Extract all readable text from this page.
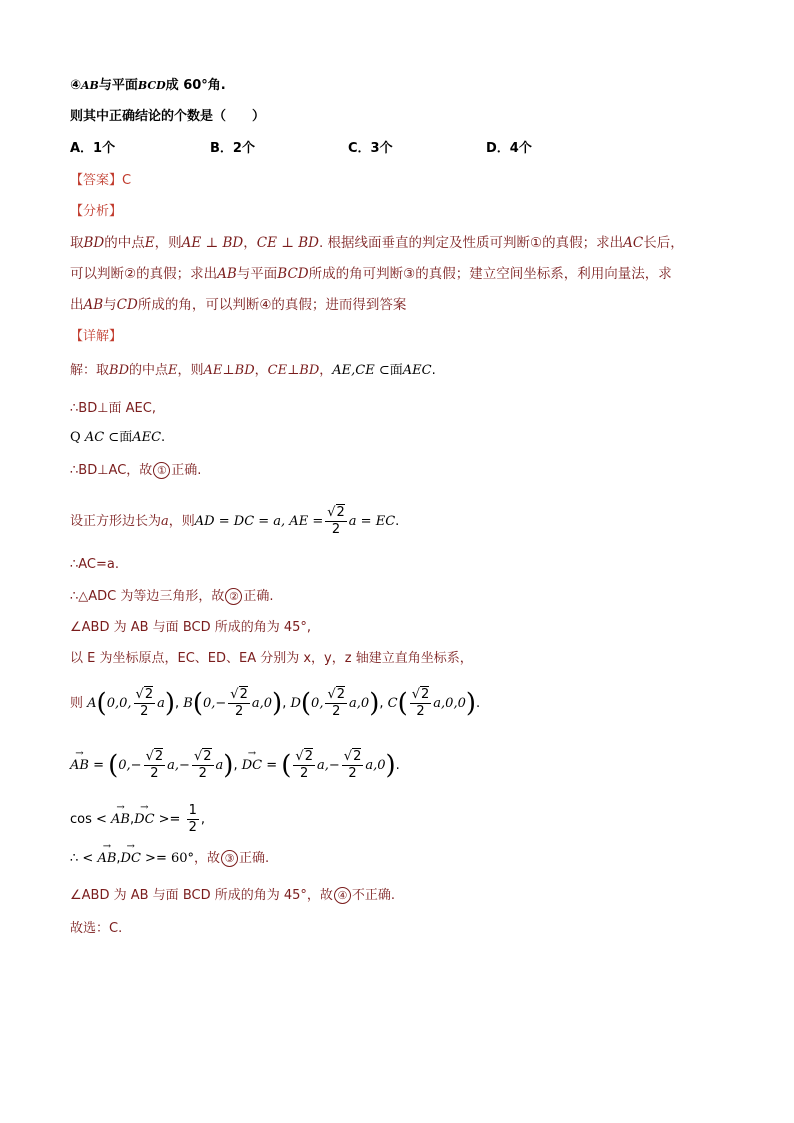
④AB与平面BCD成 60°角.
则其中正确结论的个数是（　　）
A．1个	B．2个	C．3个	D．4个
【答案】C
【分析】
取BD的中点E，则AE ⊥ BD，CE ⊥ BD. 根据线面垂直的判定及性质可判断①的真假；求出AC长后，
可以判断②的真假；求出AB与平面BCD所成的角可判断③的真假；建立空间坐标系，利用向量法，求
出AB与CD所成的角，可以判断④的真假；进而得到答案
【详解】
解：取BD的中点E，则AE⊥BD，CE⊥BD，AE,CE ⊂面AEC.
∴BD⊥面 AEC,
Q AC ⊂面AEC.
∴BD⊥AC，故 ① 正确.
设正方形边长为a，则AD = DC = a, AE = $\frac{√2}{2}$ a = EC.
∴AC=a.
∴△ADC 为等边三角形，故 ② 正确.
∠ABD 为 AB 与面 BCD 所成的角为 45°,
以 E 为坐标原点，EC、ED、EA 分别为 x，y，z 轴建立直角坐标系，
则 A(0,0, $\frac{√2}{2} a$), $B(0,- \frac{√2}{2} a,0)$, D(0, $\frac{√2}{2} a,0$), $C( \frac{√2}{2} a,0,0)$.
→ AB = $(0,- \frac{√2}{2} a,- \frac{√2}{2} a)$, → DC = ( $\frac{√2}{2} a,- \frac{√2}{2} a,0$).
cos < → AB,→ DC >= $\frac{1}{2}$ ,
∴ < → AB,→ DC >= 60°，故 ③ 正确.
∠ABD 为 AB 与面 BCD 所成的角为 45°，故 ④ 不正确.
故选：C.
